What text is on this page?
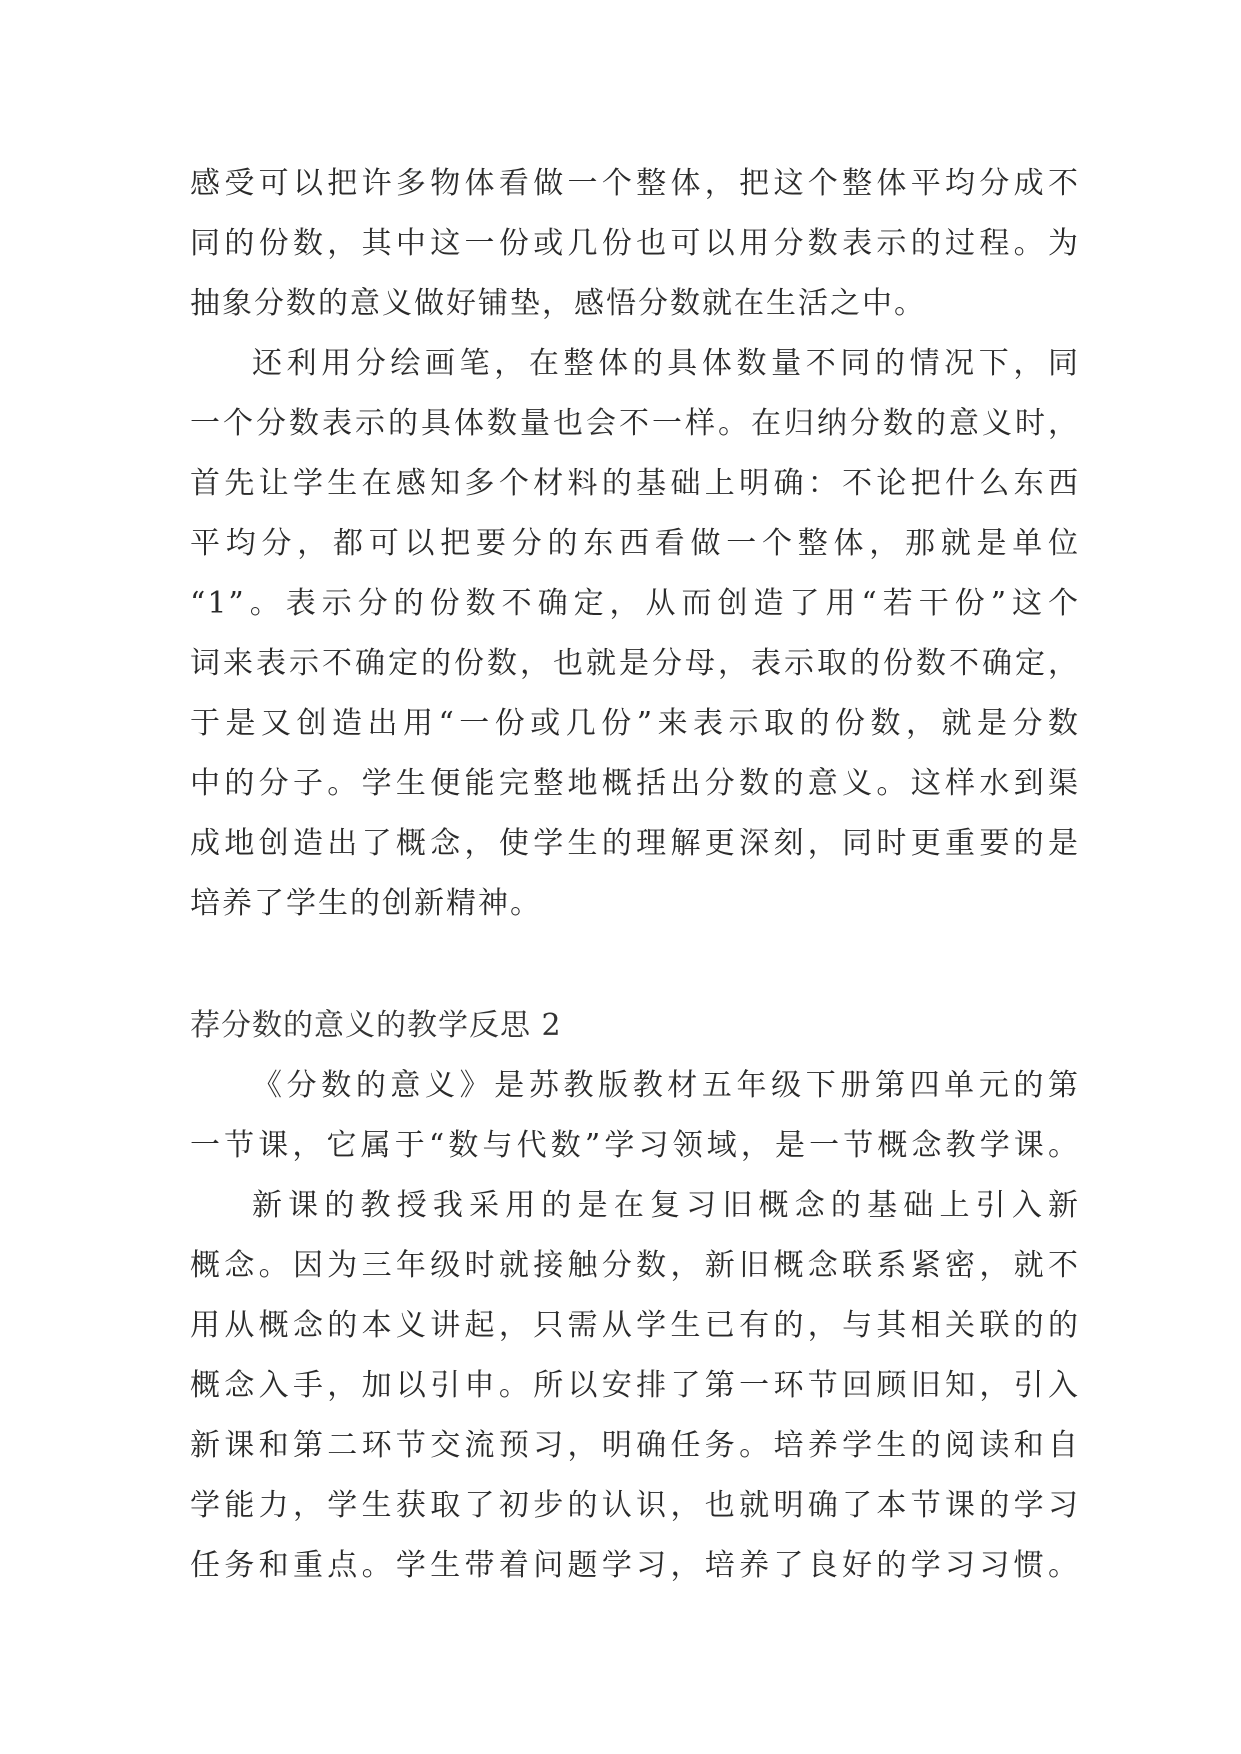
感受可以把许多物体看做一个整体，把这个整体平均分成不
同的份数，其中这一份或几份也可以用分数表示的过程。为
抽象分数的意义做好铺垫，感悟分数就在生活之中。
还利用分绘画笔，在整体的具体数量不同的情况下，同
一个分数表示的具体数量也会不一样。在归纳分数的意义时，
首先让学生在感知多个材料的基础上明确：不论把什么东西
平均分，都可以把要分的东西看做一个整体，那就是单位
“1”。表示分的份数不确定，从而创造了用“若干份”这个
词来表示不确定的份数，也就是分母，表示取的份数不确定，
于是又创造出用“一份或几份”来表示取的份数，就是分数
中的分子。学生便能完整地概括出分数的意义。这样水到渠
成地创造出了概念，使学生的理解更深刻，同时更重要的是
培养了学生的创新精神。
荐分数的意义的教学反思 2
《分数的意义》是苏教版教材五年级下册第四单元的第
一节课，它属于“数与代数”学习领域，是一节概念教学课。
新课的教授我采用的是在复习旧概念的基础上引入新
概念。因为三年级时就接触分数，新旧概念联系紧密，就不
用从概念的本义讲起，只需从学生已有的，与其相关联的的
概念入手，加以引申。所以安排了第一环节回顾旧知，引入
新课和第二环节交流预习，明确任务。培养学生的阅读和自
学能力，学生获取了初步的认识，也就明确了本节课的学习
任务和重点。学生带着问题学习，培养了良好的学习习惯。
